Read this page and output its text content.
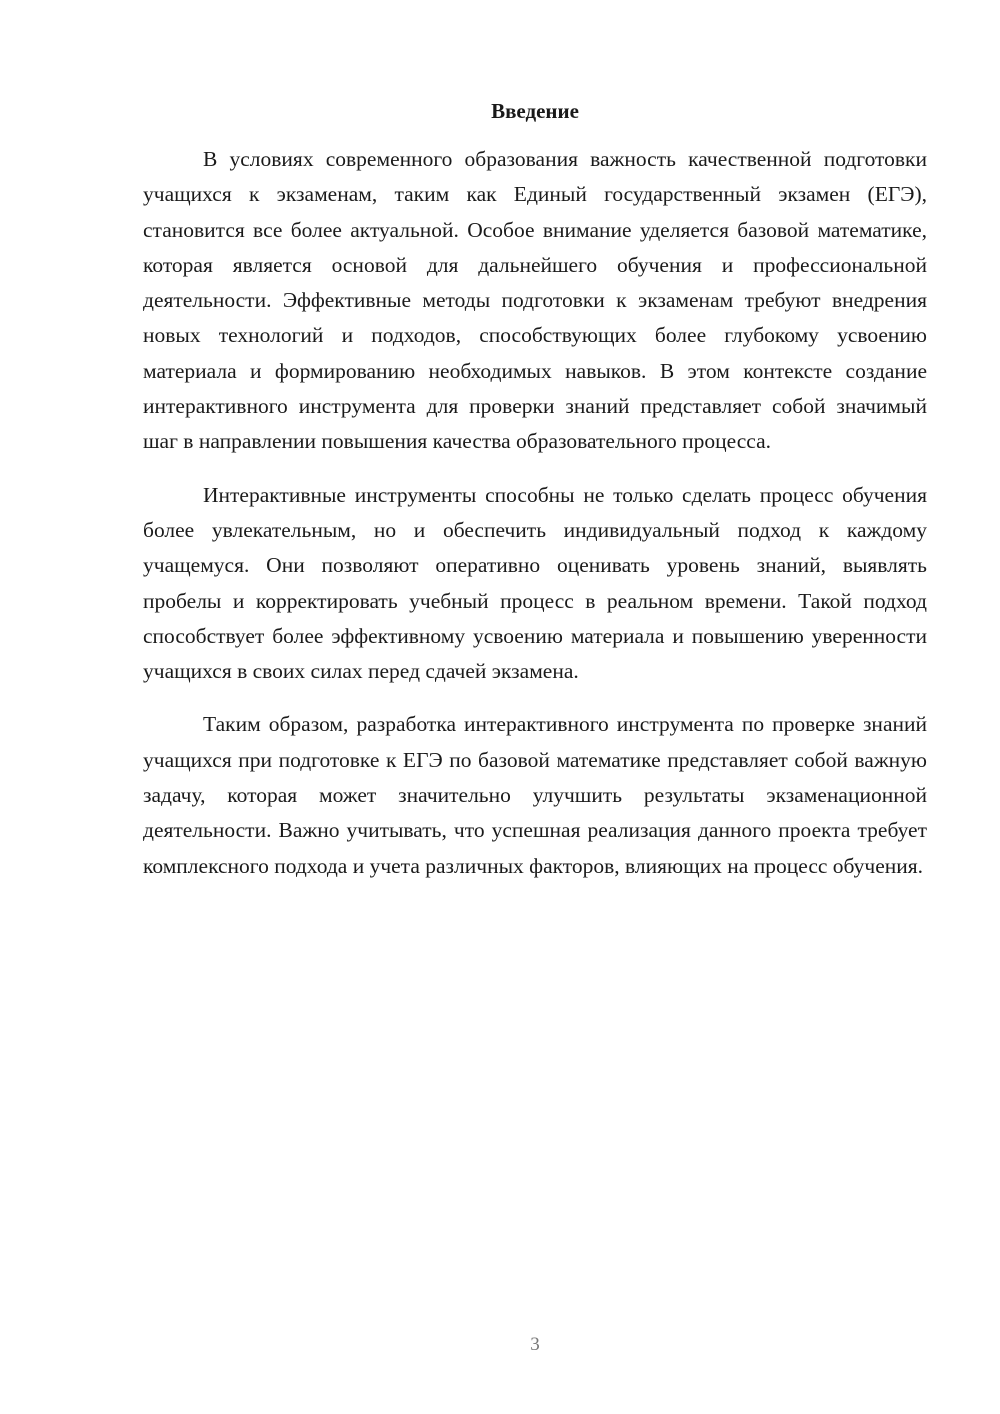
Введение

В условиях современного образования важность качественной подготовки учащихся к экзаменам, таким как Единый государственный экзамен (ЕГЭ), становится все более актуальной. Особое внимание уделяется базовой математике, которая является основой для дальнейшего обучения и профессиональной деятельности. Эффективные методы подготовки к экзаменам требуют внедрения новых технологий и подходов, способствующих более глубокому усвоению материала и формированию необходимых навыков. В этом контексте создание интерактивного инструмента для проверки знаний представляет собой значимый шаг в направлении повышения качества образовательного процесса.

Интерактивные инструменты способны не только сделать процесс обучения более увлекательным, но и обеспечить индивидуальный подход к каждому учащемуся. Они позволяют оперативно оценивать уровень знаний, выявлять пробелы и корректировать учебный процесс в реальном времени. Такой подход способствует более эффективному усвоению материала и повышению уверенности учащихся в своих силах перед сдачей экзамена.

Таким образом, разработка интерактивного инструмента по проверке знаний учащихся при подготовке к ЕГЭ по базовой математике представляет собой важную задачу, которая может значительно улучшить результаты экзаменационной деятельности. Важно учитывать, что успешная реализация данного проекта требует комплексного подхода и учета различных факторов, влияющих на процесс обучения.

3
